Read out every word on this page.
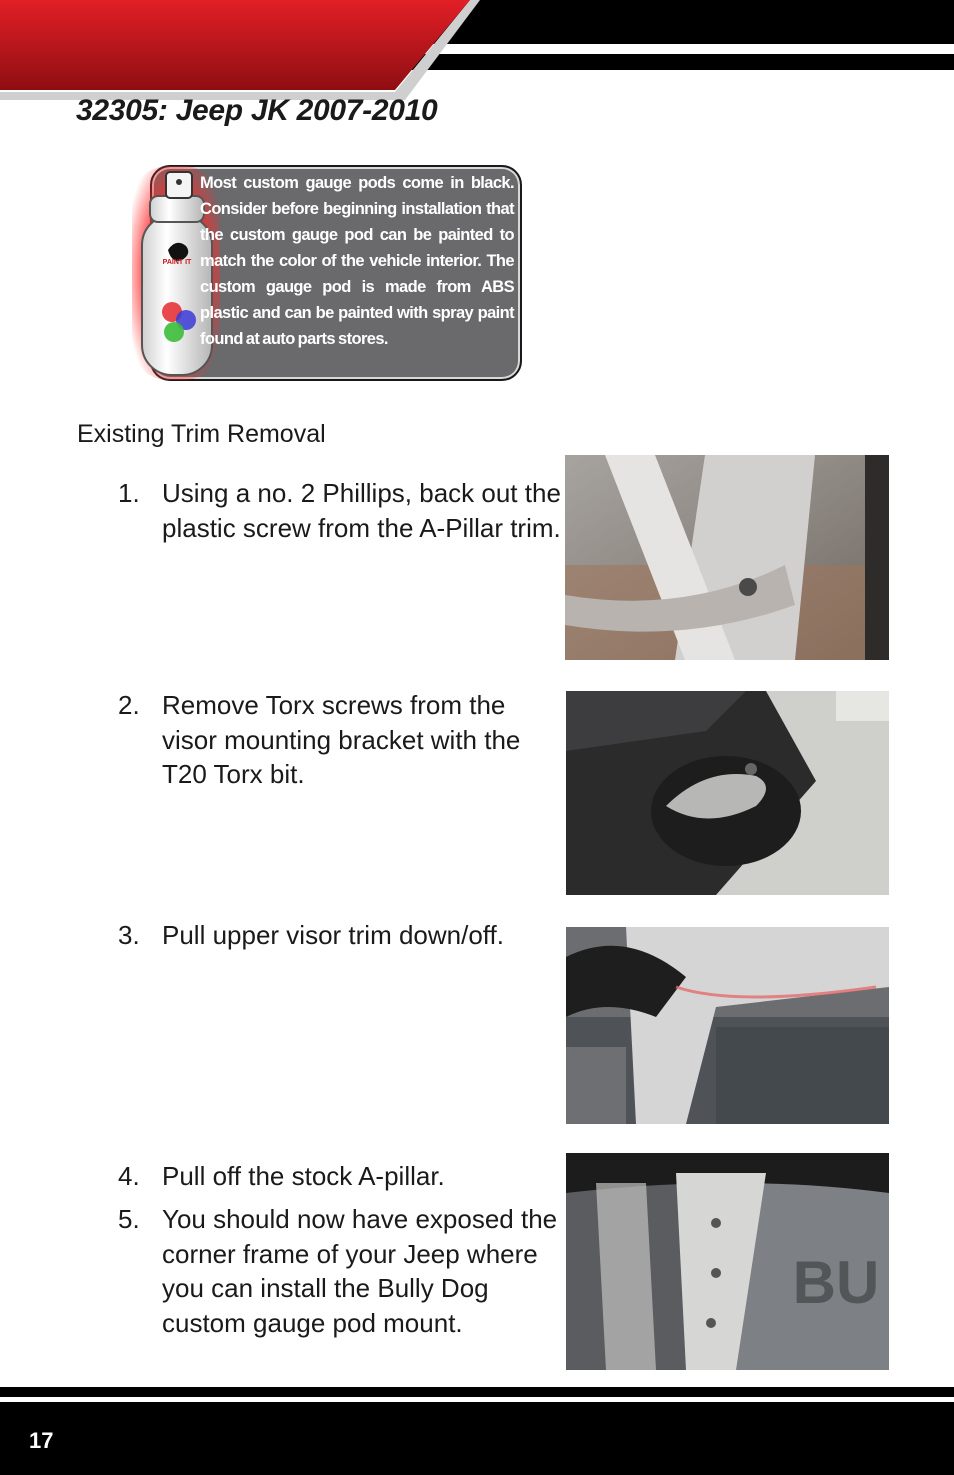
32305: Jeep JK 2007-2010
PAINT IT
Most custom gauge pods come in black. Consider before beginning installation that the custom gauge pod can be painted to match the color of the vehicle interior. The custom gauge pod is made from ABS plastic and can be painted with spray paint found at auto parts stores.
Existing Trim Removal
1. Using a no. 2 Phillips, back out the plastic screw from the A-Pillar trim.
2. Remove Torx screws from the visor mounting bracket with the T20 Torx bit.
3. Pull upper visor trim down/off.
4. Pull off the stock A-pillar.
5. You should now have exposed the corner frame of your Jeep where you can install the Bully Dog custom gauge pod mount.
BU
17
